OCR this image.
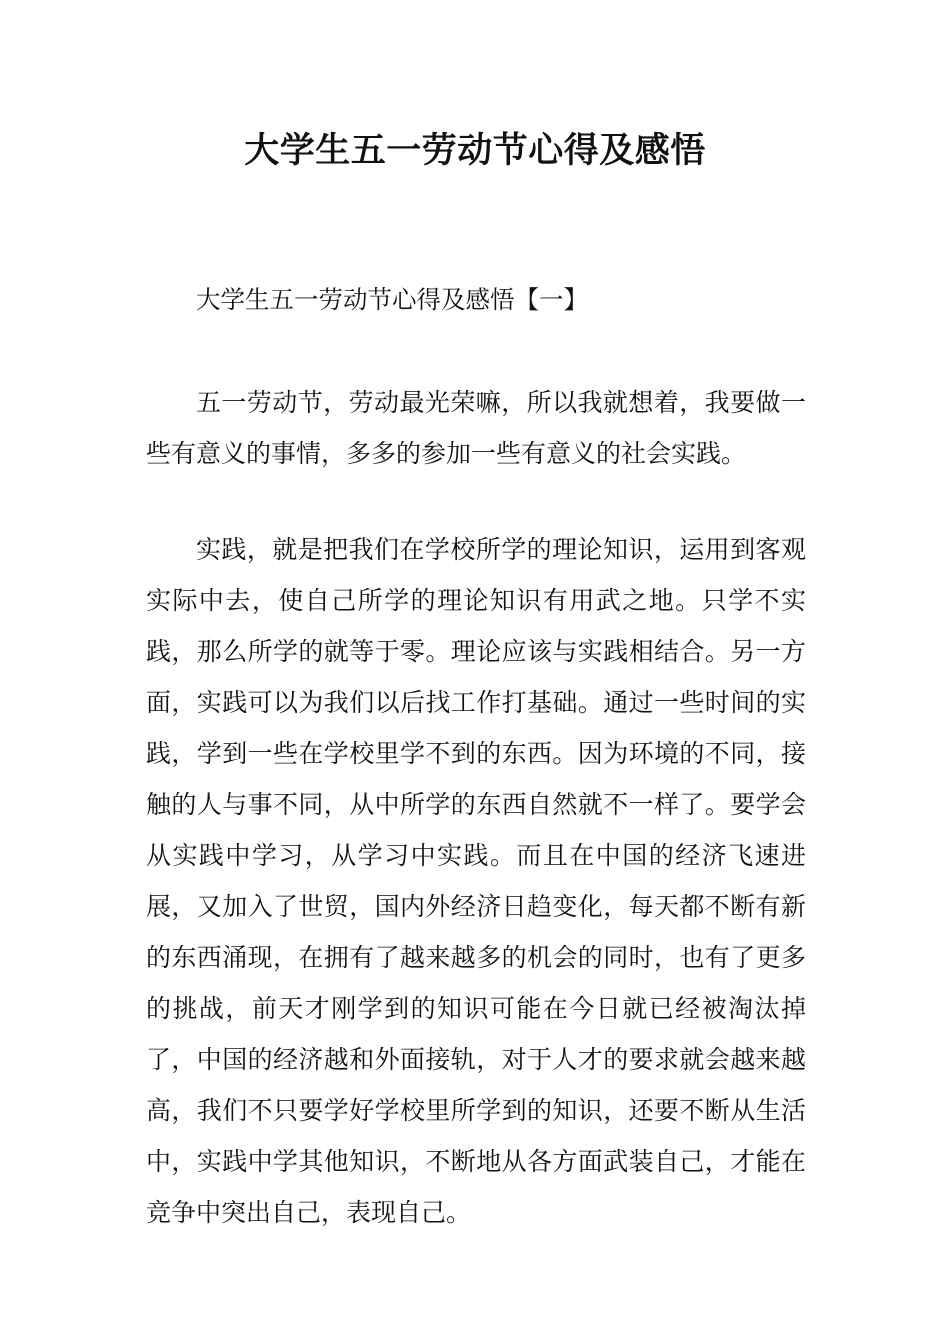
大学生五一劳动节心得及感悟

大学生五一劳动节心得及感悟【一】

五一劳动节，劳动最光荣嘛，所以我就想着，我要做一些有意义的事情，多多的参加一些有意义的社会实践。

实践，就是把我们在学校所学的理论知识，运用到客观实际中去，使自己所学的理论知识有用武之地。只学不实践，那么所学的就等于零。理论应该与实践相结合。另一方面，实践可以为我们以后找工作打基础。通过一些时间的实践，学到一些在学校里学不到的东西。因为环境的不同，接触的人与事不同，从中所学的东西自然就不一样了。要学会从实践中学习，从学习中实践。而且在中国的经济飞速进展，又加入了世贸，国内外经济日趋变化，每天都不断有新的东西涌现，在拥有了越来越多的机会的同时，也有了更多的挑战，前天才刚学到的知识可能在今日就已经被淘汰掉了，中国的经济越和外面接轨，对于人才的要求就会越来越高，我们不只要学好学校里所学到的知识，还要不断从生活中，实践中学其他知识，不断地从各方面武装自己，才能在竞争中突出自己，表现自己。
